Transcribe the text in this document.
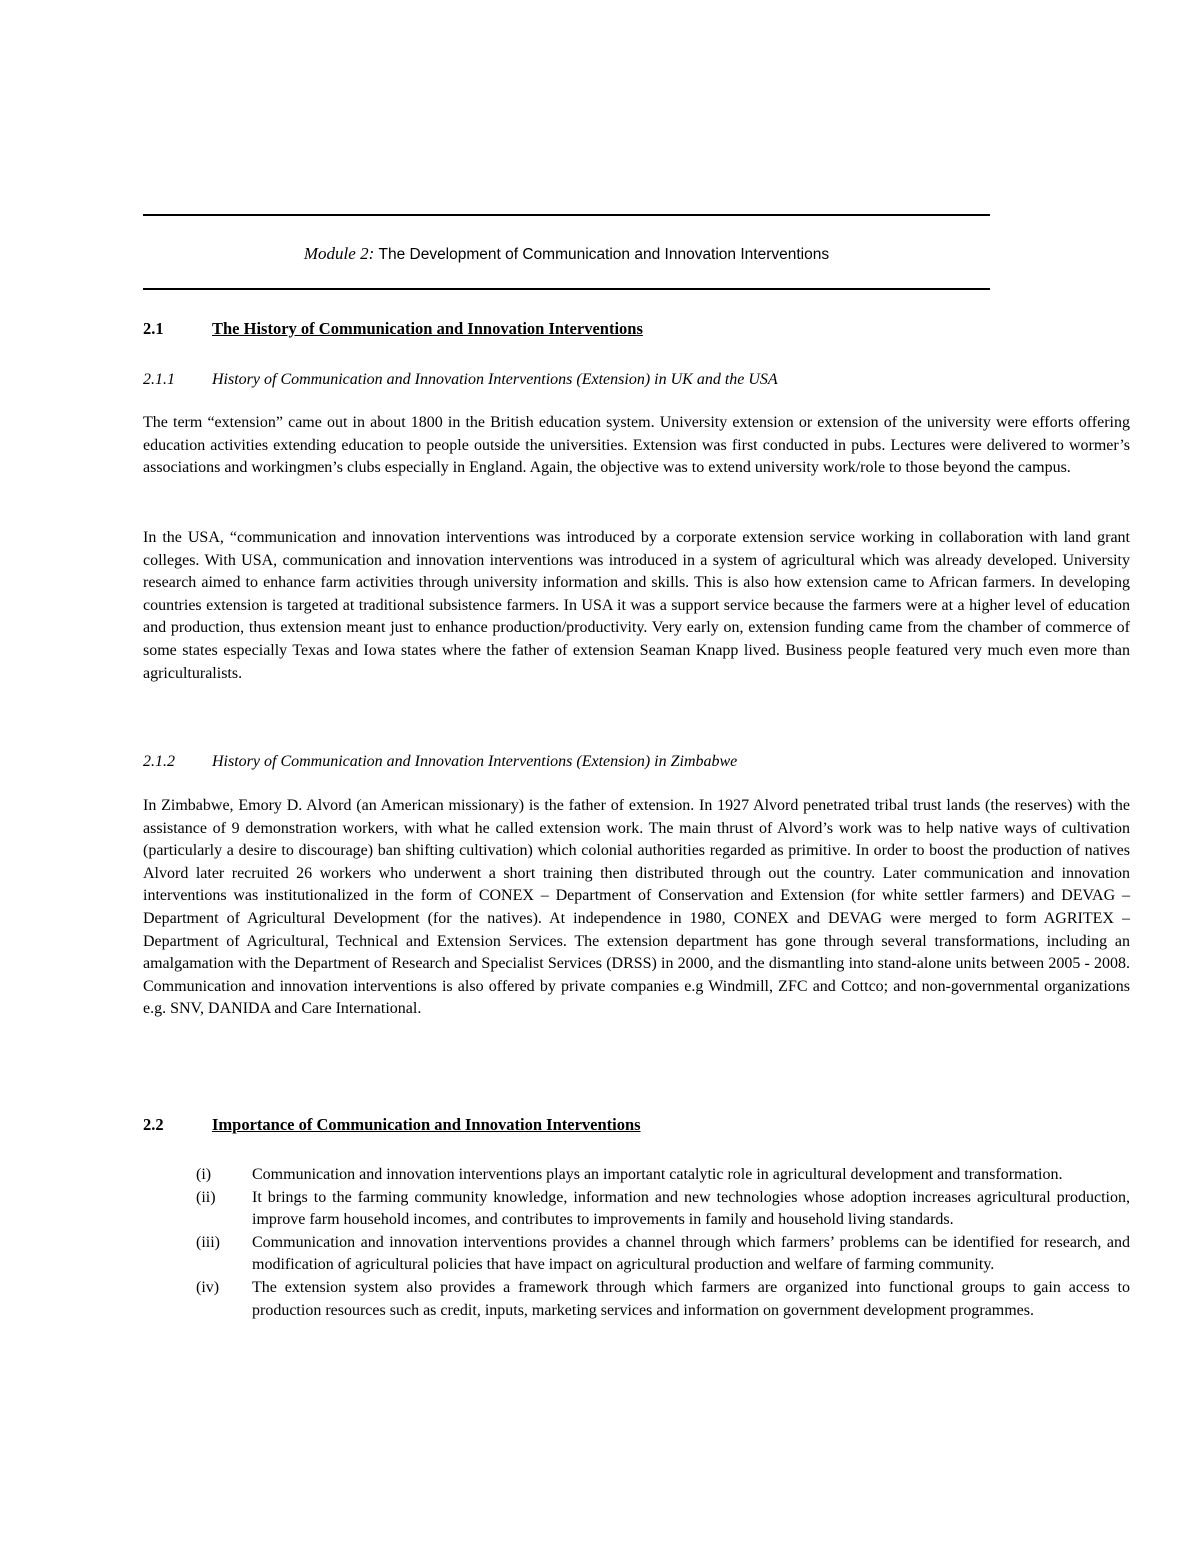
Module 2: The Development of Communication and Innovation Interventions
2.1	The History of Communication and Innovation Interventions
2.1.1 History of Communication and Innovation Interventions (Extension) in UK and the USA

The term “extension” came out in about 1800 in the British education system. University extension or extension of the university were efforts offering education activities extending education to people outside the universities. Extension was first conducted in pubs. Lectures were delivered to wormer’s associations and workingmen’s clubs especially in England. Again, the objective was to extend university work/role to those beyond the campus.

In the USA, “communication and innovation interventions was introduced by a corporate extension service working in collaboration with land grant colleges. With USA, communication and innovation interventions was introduced in a system of agricultural which was already developed. University research aimed to enhance farm activities through university information and skills. This is also how extension came to African farmers. In developing countries extension is targeted at traditional subsistence farmers. In USA it was a support service because the farmers were at a higher level of education and production, thus extension meant just to enhance production/productivity. Very early on, extension funding came from the chamber of commerce of some states especially Texas and Iowa states where the father of extension Seaman Knapp lived. Business people featured very much even more than agriculturalists.

2.1.2 History of Communication and Innovation Interventions (Extension) in Zimbabwe

In Zimbabwe, Emory D. Alvord (an American missionary) is the father of extension. In 1927 Alvord penetrated tribal trust lands (the reserves) with the assistance of 9 demonstration workers, with what he called extension work. The main thrust of Alvord’s work was to help native ways of cultivation (particularly a desire to discourage) ban shifting cultivation) which colonial authorities regarded as primitive. In order to boost the production of natives Alvord later recruited 26 workers who underwent a short training then distributed through out the country. Later communication and innovation interventions was institutionalized in the form of CONEX – Department of Conservation and Extension (for white settler farmers) and DEVAG – Department of Agricultural Development (for the natives). At independence in 1980, CONEX and DEVAG were merged to form AGRITEX – Department of Agricultural, Technical and Extension Services. The extension department has gone through several transformations, including an amalgamation with the Department of Research and Specialist Services (DRSS) in 2000, and the dismantling into stand-alone units between 2005 - 2008. Communication and innovation interventions is also offered by private companies e.g Windmill, ZFC and Cottco; and non-governmental organizations e.g. SNV, DANIDA and Care International.

2.2	Importance of Communication and Innovation Interventions
(i)	Communication and innovation interventions plays an important catalytic role in agricultural development and transformation.
(ii)	It brings to the farming community knowledge, information and new technologies whose adoption increases agricultural production, improve farm household incomes, and contributes to improvements in family and household living standards.
(iii)	Communication and innovation interventions provides a channel through which farmers’ problems can be identified for research, and modification of agricultural policies that have impact on agricultural production and welfare of farming community.
(iv)	The extension system also provides a framework through which farmers are organized into functional groups to gain access to production resources such as credit, inputs, marketing services and information on government development programmes.
